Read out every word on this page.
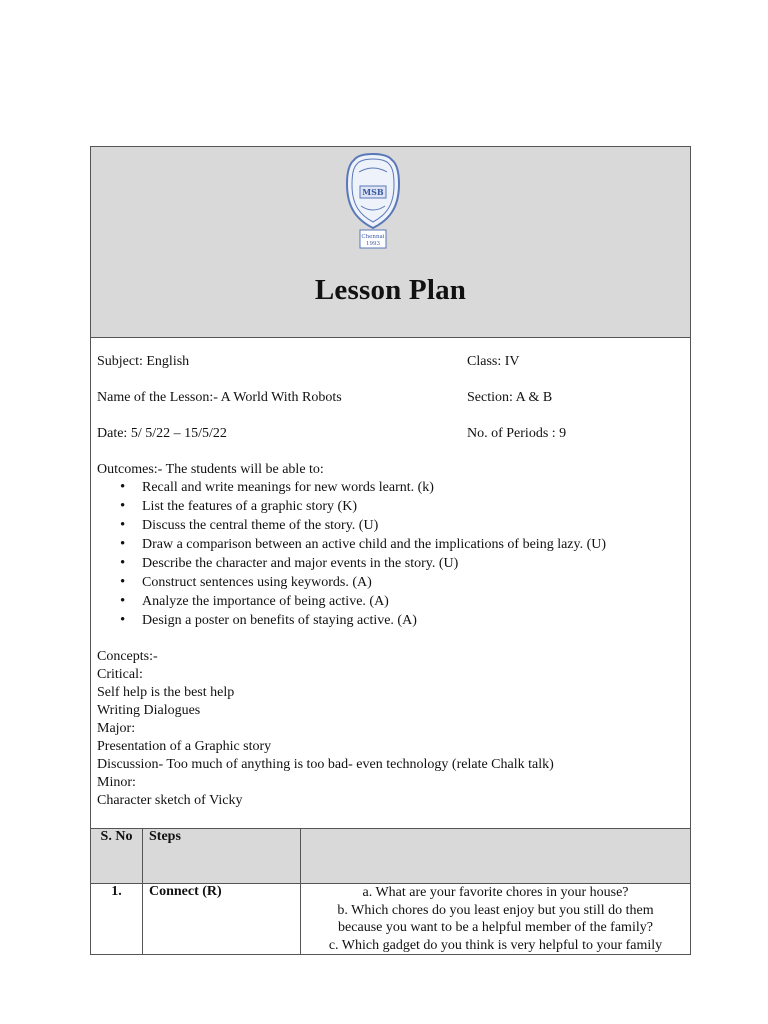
MSB
Chennai
1993
Lesson Plan
Subject: English	Class: IV
Name of the Lesson:- A World With Robots	Section: A & B
Date: 5/ 5/22 – 15/5/22	No. of Periods : 9
Outcomes:- The students will be able to:
• Recall and write meanings for new words learnt. (k)
• List the features of a graphic story (K)
• Discuss the central theme of the story. (U)
• Draw a comparison between an active child and the implications of being lazy. (U)
• Describe the character and major events in the story. (U)
• Construct sentences using keywords. (A)
• Analyze the importance of being active. (A)
• Design a poster on benefits of staying active. (A)
Concepts:-
Critical:
Self help is the best help
Writing Dialogues
Major:
Presentation of a Graphic story
Discussion- Too much of anything is too bad- even technology (relate Chalk talk)
Minor:
Character sketch of Vicky
S. No	Steps	
1.	Connect (R)	a. What are your favorite chores in your house?
b. Which chores do you least enjoy but you still do them
because you want to be a helpful member of the family?
c. Which gadget do you think is very helpful to your family
